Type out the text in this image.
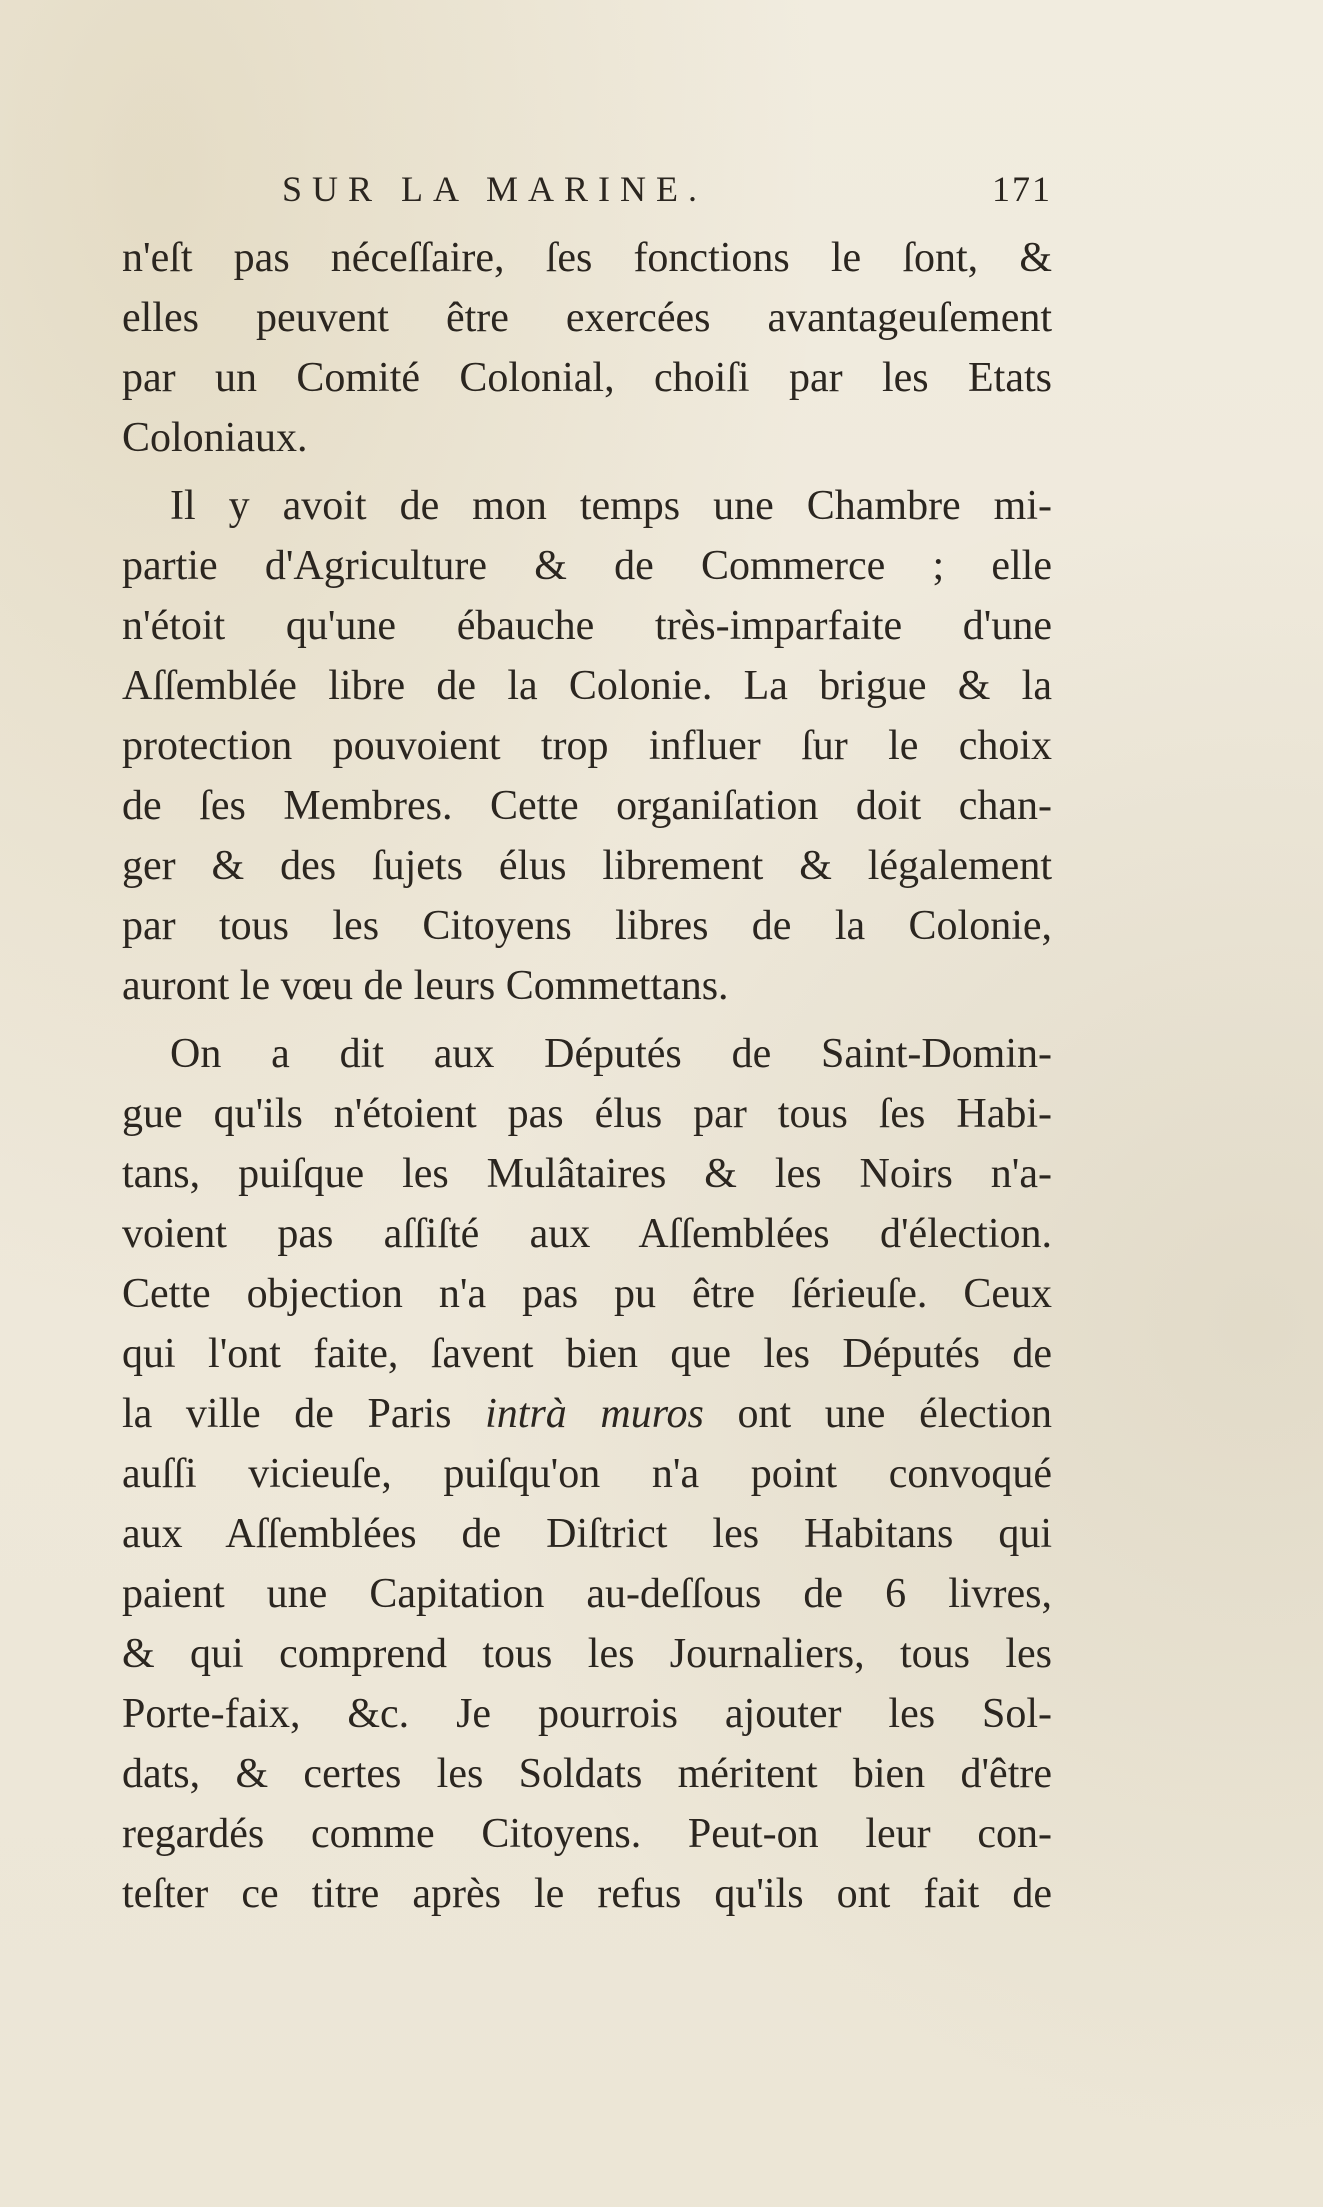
SUR LA MARINE.	171
n'eſt pas néceſſaire, ſes fonctions le ſont, &
elles peuvent être exercées avantageuſement
par un Comité Colonial, choiſi par les Etats
Coloniaux.
Il y avoit de mon temps une Chambre mi-
partie d'Agriculture & de Commerce ; elle
n'étoit qu'une ébauche très-imparfaite d'une
Aſſemblée libre de la Colonie. La brigue & la
protection pouvoient trop influer ſur le choix
de ſes Membres. Cette organiſation doit chan-
ger & des ſujets élus librement & légalement
par tous les Citoyens libres de la Colonie,
auront le vœu de leurs Commettans.
On a dit aux Députés de Saint-Domin-
gue qu'ils n'étoient pas élus par tous ſes Habi-
tans, puiſque les Mulâtaires & les Noirs n'a-
voient pas aſſiſté aux Aſſemblées d'élection.
Cette objection n'a pas pu être ſérieuſe. Ceux
qui l'ont faite, ſavent bien que les Députés de
la ville de Paris intrà muros ont une élection
auſſi vicieuſe, puiſqu'on n'a point convoqué
aux Aſſemblées de Diſtrict les Habitans qui
paient une Capitation au-deſſous de 6 livres,
& qui comprend tous les Journaliers, tous les
Porte-faix, &c. Je pourrois ajouter les Sol-
dats, & certes les Soldats méritent bien d'être
regardés comme Citoyens. Peut-on leur con-
teſter ce titre après le refus qu'ils ont fait de
